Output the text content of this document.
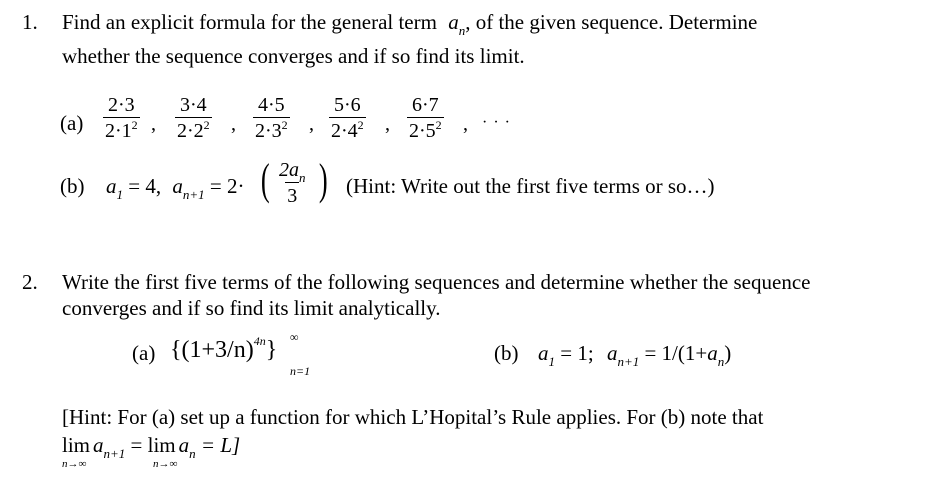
1. Find an explicit formula for the general term $a_n$, of the given sequence. Determine
whether the sequence converges and if so find its limit.
$(a) \frac{2\cdot 3}{2\cdot 1^2}$ , $\frac{3\cdot 4}{2\cdot 2^2}$ , $\frac{4\cdot 5}{2\cdot 3^2}$ , $\frac{5\cdot 6}{2\cdot 4^2}$ , $\frac{6\cdot 7}{2\cdot 5^2}$ , · · ·
(b) $a_1 = 4$, $a_{n+1} = 2\cdot$ ( $\frac{2a_n}{3}$ ) (Hint: Write out the first five terms or so…)
2. Write the first five terms of the following sequences and determine whether the sequence
converges and if so find its limit analytically.
(a) $\{(1+3/n)^{4n}\}$ ∞
n=1
(b) $a_1 = 1$; $a_{n+1} = 1/(1+a_n)$
[Hint: For (a) set up a function for which L’Hopital’s Rule applies. For (b) note that
$\lim a_{n+1} = \lim a_n = L$]
n→∞	n→∞
